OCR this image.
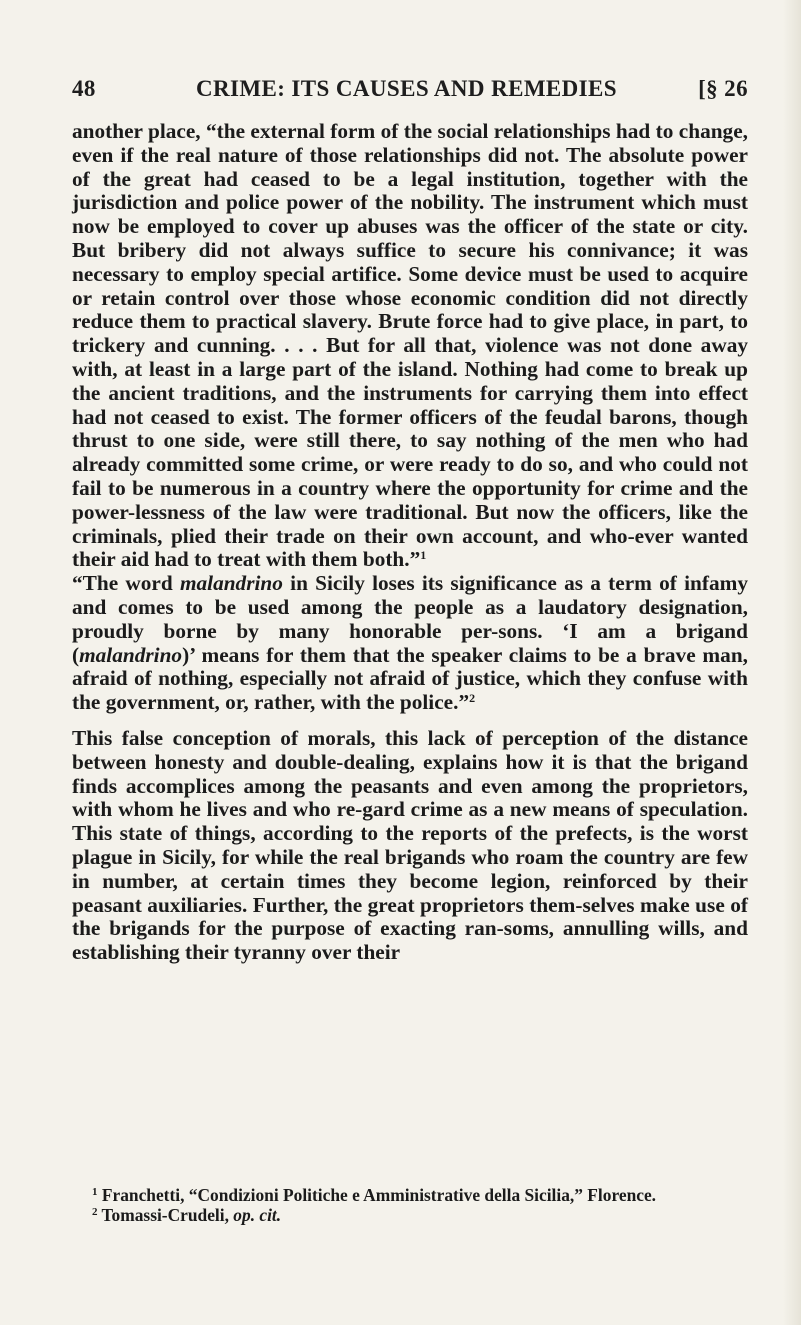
48	CRIME: ITS CAUSES AND REMEDIES	[§ 26

another place, “the external form of the social relationships had to change, even if the real nature of those relationships did not. The absolute power of the great had ceased to be a legal institution, together with the jurisdiction and police power of the nobility. The instrument which must now be employed to cover up abuses was the officer of the state or city. But bribery did not always suffice to secure his connivance; it was necessary to employ special artifice. Some device must be used to acquire or retain control over those whose economic condition did not directly reduce them to practical slavery. Brute force had to give place, in part, to trickery and cunning. . . . But for all that, violence was not done away with, at least in a large part of the island. Nothing had come to break up the ancient traditions, and the instruments for carrying them into effect had not ceased to exist. The former officers of the feudal barons, though thrust to one side, were still there, to say nothing of the men who had already committed some crime, or were ready to do so, and who could not fail to be numerous in a country where the opportunity for crime and the power-lessness of the law were traditional. But now the officers, like the criminals, plied their trade on their own account, and who-ever wanted their aid had to treat with them both.”$^1$

“The word malandrino in Sicily loses its significance as a term of infamy and comes to be used among the people as a laudatory designation, proudly borne by many honorable per-sons. ‘I am a brigand (malandrino)’ means for them that the speaker claims to be a brave man, afraid of nothing, especially not afraid of justice, which they confuse with the government, or, rather, with the police.”$^2$

This false conception of morals, this lack of perception of the distance between honesty and double-dealing, explains how it is that the brigand finds accomplices among the peasants and even among the proprietors, with whom he lives and who re-gard crime as a new means of speculation. This state of things, according to the reports of the prefects, is the worst plague in Sicily, for while the real brigands who roam the country are few in number, at certain times they become legion, reinforced by their peasant auxiliaries. Further, the great proprietors them-selves make use of the brigands for the purpose of exacting ran-soms, annulling wills, and establishing their tyranny over their

$^1$ Franchetti, “Condizioni Politiche e Amministrative della Sicilia,” Florence.

$^2$ Tomassi-Crudeli, op. cit.
